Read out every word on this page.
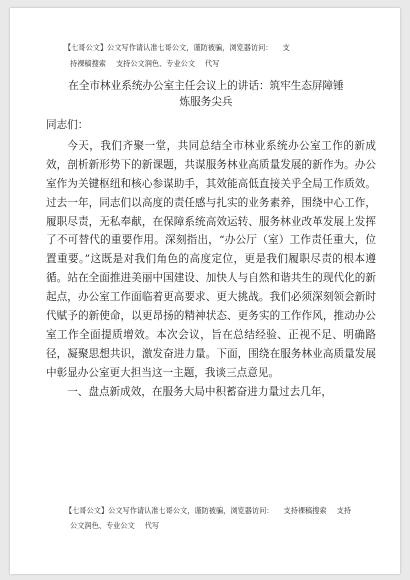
【七哥公文】公文写作请认准七哥公文，谨防被骗，浏览器访问： 支
持裸稿搜索 支持公文润色、专业公文 代写
在全市林业系统办公室主任会议上的讲话：筑牢生态屏障锤
炼服务尖兵

同志们：

今天，我们齐聚一堂，共同总结全市林业系统办公室工作的新成效，剖析新形势下的新课题，共谋服务林业高质量发展的新作为。办公室作为关键枢纽和核心参谋助手，其效能高低直接关乎全局工作质效。过去一年，同志们以高度的责任感与扎实的业务素养，围绕中心工作，履职尽责，无私奉献，在保障系统高效运转、服务林业改革发展上发挥了不可替代的重要作用。深刻指出，“办公厅（室）工作责任重大，位置重要。”这既是对我们角色的高度定位，更是我们履职尽责的根本遵循。站在全面推进美丽中国建设、加快人与自然和谐共生的现代化的新起点，办公室工作面临着更高要求、更大挑战。我们必须深刻领会新时代赋予的新使命，以更昂扬的精神状态、更务实的工作作风，推动办公室工作全面提质增效。本次会议，旨在总结经验、正视不足、明确路径，凝聚思想共识，激发奋进力量。下面，围绕在服务林业高质量发展中彰显办公室更大担当这一主题，我谈三点意见。

一、盘点新成效，在服务大局中积蓄奋进力量过去几年，

【七哥公文】公文写作请认准七哥公文，谨防被骗，浏览器访问： 支持裸稿搜索 支持
公文润色、专业公文 代写
